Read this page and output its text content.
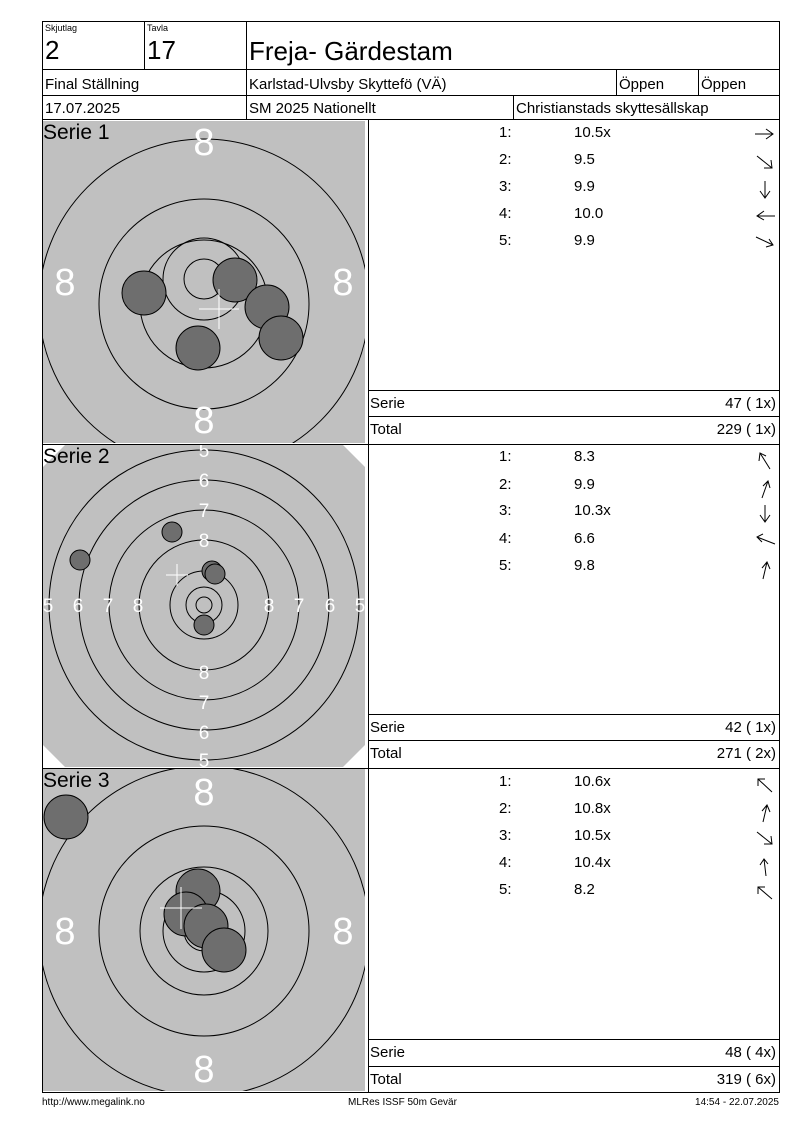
Skjutlag
2
Tavla
17	Freja- Gärdestam
Final Ställning	Karlstad-Ulvsby Skyttefö (VÄ)	Öppen	Öppen
17.07.2025	SM 2025 Nationellt	Christianstads skyttesällskap
8
8
8	8
Serie 1	1:	10.5x
2:	9.5
3:	9.9
4:	10.0
5:	9.9
Serie	47 ( 1x)
Total	229 ( 1x)
5
6
7
8
8
7
6
5
5 6 7 8	8 7 6 5
Serie 2	1:	8.3
2:	9.9
3:	10.3x
4:	6.6
5:	9.8
Serie	42 ( 1x)
Total	271 ( 2x)
8
8
8	8
Serie 3	1:	10.6x
2:	10.8x
3:	10.5x
4:	10.4x
5:	8.2
Serie	48 ( 4x)
Total	319 ( 6x)
http://www.megalink.no	MLRes ISSF 50m Gevär	14:54 - 22.07.2025
